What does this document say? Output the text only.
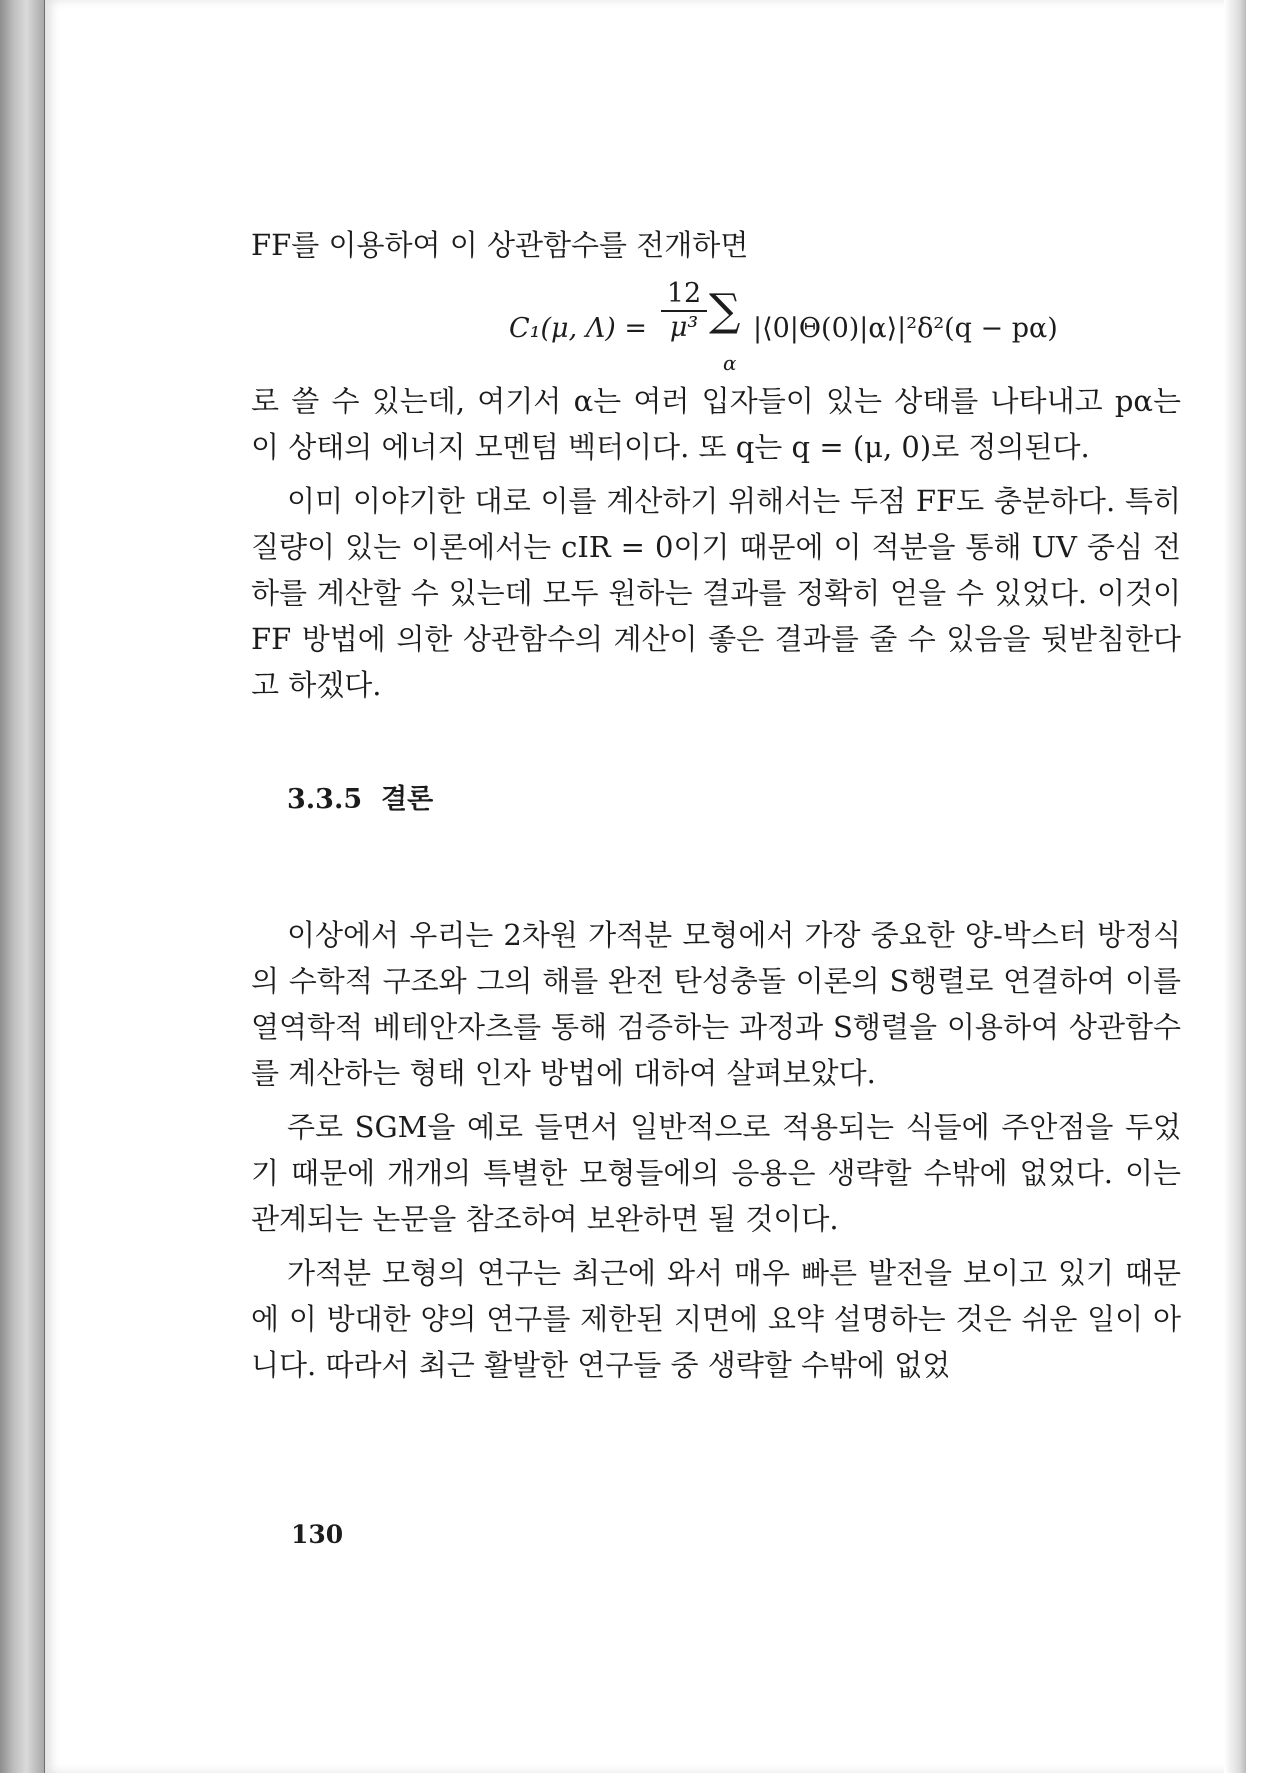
FF를 이용하여 이 상관함수를 전개하면

C₁(μ, $\Lambda) = \frac{12}{\text{μ³}}$ ∑
α
|⟨0|Θ(0)|α⟩|²δ²(q − pα)

로 쓸 수 있는데, 여기서 α는 여러 입자들이 있는 상태를 나타내고 pα는 이 상태의 에너지 모멘텀 벡터이다. 또 q는 q = (μ, 0)로 정의된다.

이미 이야기한 대로 이를 계산하기 위해서는 두점 FF도 충분하다. 특히 질량이 있는 이론에서는 cIR = 0이기 때문에 이 적분을 통해 UV 중심 전하를 계산할 수 있는데 모두 원하는 결과를 정확히 얻을 수 있었다. 이것이 FF 방법에 의한 상관함수의 계산이 좋은 결과를 줄 수 있음을 뒷받침한다고 하겠다.

3.3.5 결론

이상에서 우리는 2차원 가적분 모형에서 가장 중요한 양-박스터 방정식의 수학적 구조와 그의 해를 완전 탄성충돌 이론의 S행렬로 연결하여 이를 열역학적 베테안자츠를 통해 검증하는 과정과 S행렬을 이용하여 상관함수를 계산하는 형태 인자 방법에 대하여 살펴보았다.

주로 SGM을 예로 들면서 일반적으로 적용되는 식들에 주안점을 두었기 때문에 개개의 특별한 모형들에의 응용은 생략할 수밖에 없었다. 이는 관계되는 논문을 참조하여 보완하면 될 것이다.

가적분 모형의 연구는 최근에 와서 매우 빠른 발전을 보이고 있기 때문에 이 방대한 양의 연구를 제한된 지면에 요약 설명하는 것은 쉬운 일이 아니다. 따라서 최근 활발한 연구들 중 생략할 수밖에 없었

130
